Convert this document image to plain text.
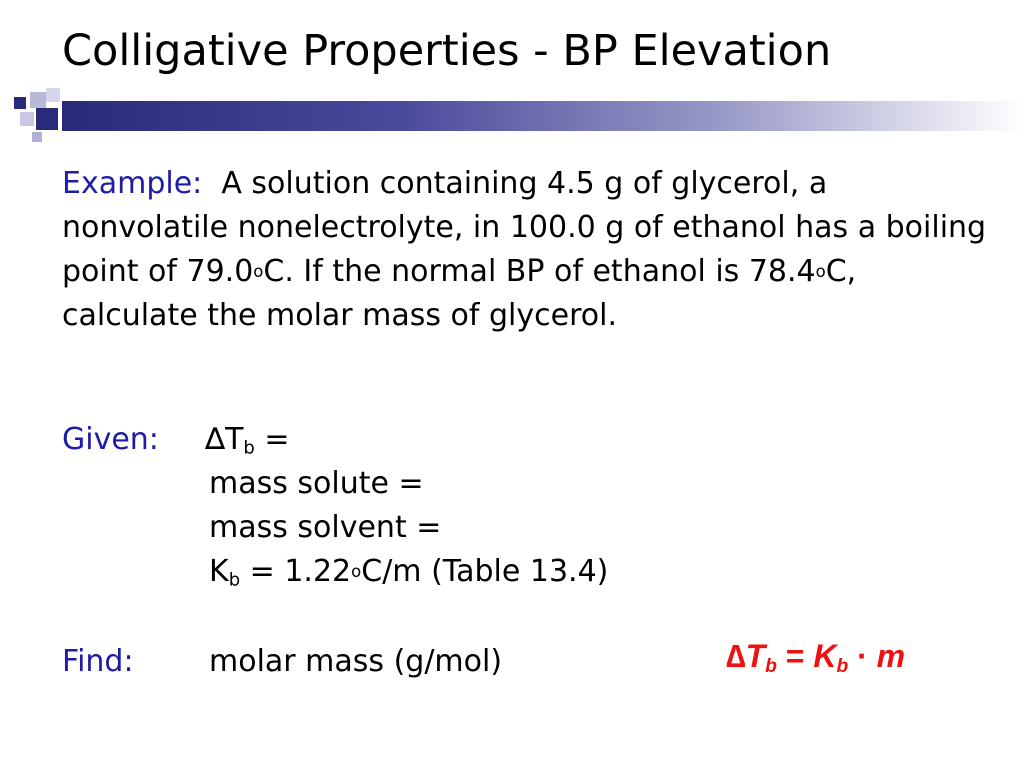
Colligative Properties - BP Elevation
Example: A solution containing 4.5 g of glycerol, a nonvolatile nonelectrolyte, in 100.0 g of ethanol has a boiling point of 79.0$^o$C. If the normal BP of ethanol is 78.4$^o$C, calculate the molar mass of glycerol.
Given: $\Delta T_b$ =
mass solute =
mass solvent =
$K_b = 1.22^oC/m$ (Table 13.4)
Find:	molar mass (g/mol)	$\Delta T_b = K_b \cdot m$
